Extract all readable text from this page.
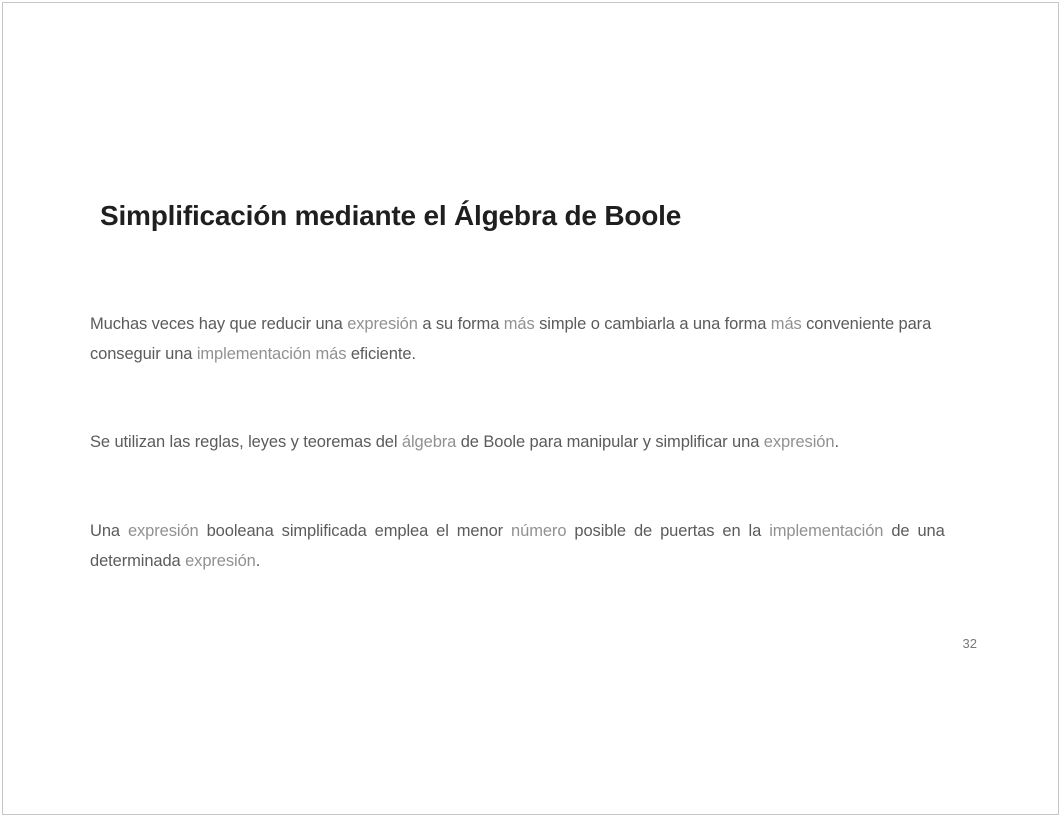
Simplificación mediante el Álgebra de Boole
Muchas veces hay que reducir una expresión a su forma más simple o cambiarla a una forma más conveniente para
conseguir una implementación más eficiente.
Se utilizan las reglas, leyes y teoremas del álgebra de Boole para manipular y simplificar una expresión.
Una expresión booleana simplificada emplea el menor número posible de puertas en la implementación de una
determinada expresión.
32
